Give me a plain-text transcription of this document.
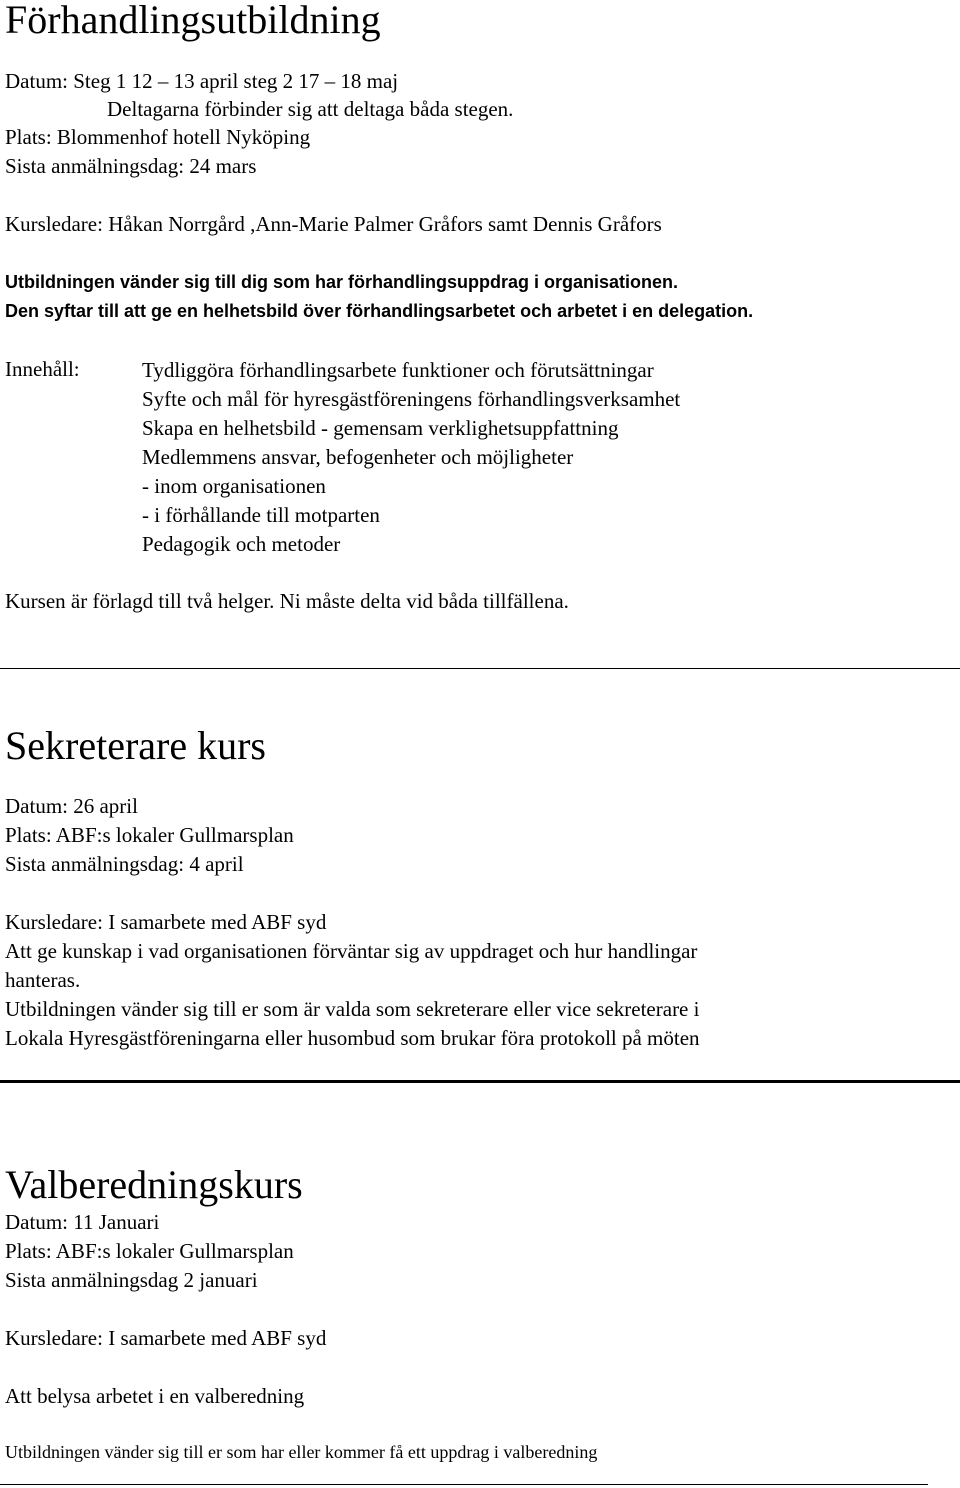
Förhandlingsutbildning
Datum: Steg 1 12 – 13 april steg 2 17 – 18 maj
Deltagarna förbinder sig att deltaga båda stegen.
Plats: Blommenhof hotell Nyköping
Sista anmälningsdag: 24 mars
Kursledare: Håkan Norrgård ,Ann-Marie Palmer Gråfors samt Dennis Gråfors
Utbildningen vänder sig till dig som har förhandlingsuppdrag i organisationen.
Den syftar till att ge en helhetsbild över förhandlingsarbetet och arbetet i en delegation.
Innehåll:	Tydliggöra förhandlingsarbete funktioner och förutsättningar
Syfte och mål för hyresgästföreningens förhandlingsverksamhet
Skapa en helhetsbild - gemensam verklighetsuppfattning
Medlemmens ansvar, befogenheter och möjligheter
- inom organisationen
- i förhållande till motparten
Pedagogik och metoder
Kursen är förlagd till två helger. Ni måste delta vid båda tillfällena.
Sekreterare kurs
Datum: 26 april
Plats: ABF:s lokaler Gullmarsplan
Sista anmälningsdag: 4 april
Kursledare: I samarbete med ABF syd
Att ge kunskap i vad organisationen förväntar sig av uppdraget och hur handlingar
hanteras.
Utbildningen vänder sig till er som är valda som sekreterare eller vice sekreterare i
Lokala Hyresgästföreningarna eller husombud som brukar föra protokoll på möten
Valberedningskurs
Datum: 11 Januari
Plats: ABF:s lokaler Gullmarsplan
Sista anmälningsdag 2 januari
Kursledare: I samarbete med ABF syd
Att belysa arbetet i en valberedning
Utbildningen vänder sig till er som har eller kommer få ett uppdrag i valberedning
